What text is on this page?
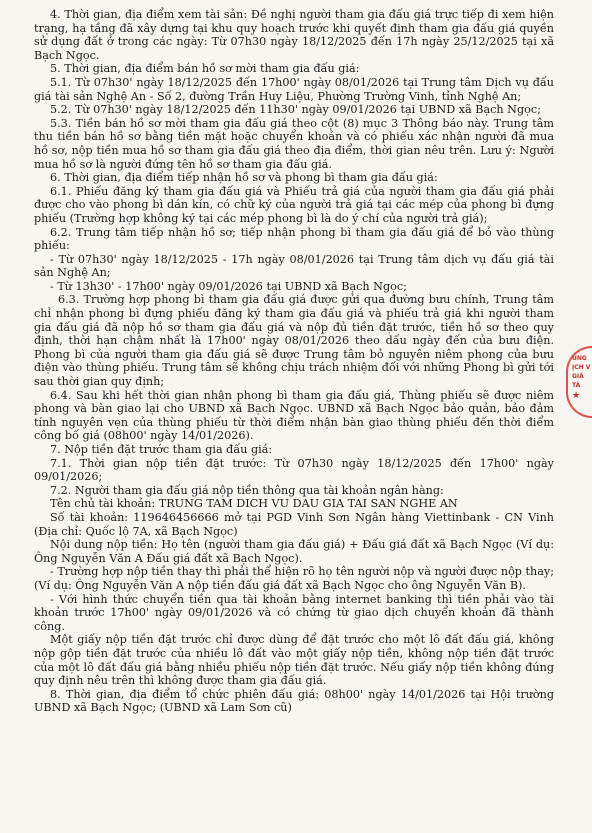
4. Thời gian, địa điểm xem tài sản: Đề nghị người tham gia đấu giá trực tiếp đi xem hiện trạng, hạ tầng đã xây dựng tại khu quy hoạch trước khi quyết định tham gia đấu giá quyền sử dụng đất ở trong các ngày: Từ 07h30 ngày 18/12/2025 đến 17h ngày 25/12/2025 tại xã Bạch Ngọc.

5. Thời gian, địa điểm bán hồ sơ mời tham gia đấu giá:

5.1. Từ 07h30' ngày 18/12/2025 đến 17h00' ngày 08/01/2026 tại Trung tâm Dịch vụ đấu giá tài sản Nghệ An - Số 2, đường Trần Huy Liệu, Phường Trường Vinh, tỉnh Nghệ An;

5.2. Từ 07h30' ngày 18/12/2025 đến 11h30' ngày 09/01/2026 tại UBND xã Bạch Ngọc;

5.3. Tiền bán hồ sơ mời tham gia đấu giá theo cột (8) mục 3 Thông báo này. Trung tâm thu tiền bán hồ sơ bằng tiền mặt hoặc chuyển khoản và có phiếu xác nhận người đã mua hồ sơ, nộp tiền mua hồ sơ tham gia đấu giá theo địa điểm, thời gian nêu trên. Lưu ý: Người mua hồ sơ là người đứng tên hồ sơ tham gia đấu giá.

6. Thời gian, địa điểm tiếp nhận hồ sơ và phong bì tham gia đấu giá:

6.1. Phiếu đăng ký tham gia đấu giá và Phiếu trả giá của người tham gia đấu giá phải được cho vào phong bì dán kín, có chữ ký của người trả giá tại các mép của phong bì đựng phiếu (Trường hợp không ký tại các mép phong bì là do ý chí của người trả giá);

6.2. Trung tâm tiếp nhận hồ sơ; tiếp nhận phong bì tham gia đấu giá để bỏ vào thùng phiếu:

- Từ 07h30' ngày 18/12/2025 - 17h ngày 08/01/2026 tại Trung tâm dịch vụ đấu giá tài sản Nghệ An;

- Từ 13h30' - 17h00' ngày 09/01/2026 tại UBND xã Bạch Ngọc;

6.3. Trường hợp phong bì tham gia đấu giá được gửi qua đường bưu chính, Trung tâm chỉ nhận phong bì đựng phiếu đăng ký tham gia đấu giá và phiếu trả giá khi người tham gia đấu giá đã nộp hồ sơ tham gia đấu giá và nộp đủ tiền đặt trước, tiền hồ sơ theo quy định, thời hạn chậm nhất là 17h00' ngày 08/01/2026 theo dấu ngày đến của bưu điện. Phong bì của người tham gia đấu giá sẽ được Trung tâm bỏ nguyên niêm phong của bưu điện vào thùng phiếu. Trung tâm sẽ không chịu trách nhiệm đối với những Phong bì gửi tới sau thời gian quy định;

6.4. Sau khi hết thời gian nhận phong bì tham gia đấu giá, Thùng phiếu sẽ được niêm phong và bàn giao lại cho UBND xã Bạch Ngọc. UBND xã Bạch Ngọc bảo quản, bảo đảm tính nguyên vẹn của thùng phiếu từ thời điểm nhận bàn giao thùng phiếu đến thời điểm công bố giá (08h00' ngày 14/01/2026).

7. Nộp tiền đặt trước tham gia đấu giá:

7.1. Thời gian nộp tiền đặt trước: Từ 07h30 ngày 18/12/2025 đến 17h00' ngày 09/01/2026;

7.2. Người tham gia đấu giá nộp tiền thông qua tài khoản ngân hàng:

Tên chủ tài khoản: TRUNG TAM DICH VU DAU GIA TAI SAN NGHE AN

Số tài khoản: 119646456666 mở tại PGD Vinh Sơn Ngân hàng Viettinbank - CN Vinh (Địa chỉ: Quốc lộ 7A, xã Bạch Ngọc)

Nội dung nộp tiền: Họ tên (người tham gia đấu giá) + Đấu giá đất xã Bạch Ngọc (Ví dụ: Ông Nguyễn Văn A Đấu giá đất xã Bạch Ngọc).

- Trường hợp nộp tiền thay thì phải thể hiện rõ họ tên người nộp và người được nộp thay; (Ví dụ: Ông Nguyễn Văn A nộp tiền đấu giá đất xã Bạch Ngọc cho ông Nguyễn Văn B).

- Với hình thức chuyển tiền qua tài khoản bằng internet banking thì tiền phải vào tài khoản trước 17h00' ngày 09/01/2026 và có chứng từ giao dịch chuyển khoản đã thành công.

Một giấy nộp tiền đặt trước chỉ được dùng để đặt trước cho một lô đất đấu giá, không nộp gộp tiền đặt trước của nhiều lô đất vào một giấy nộp tiền, không nộp tiền đặt trước của một lô đất đấu giá bằng nhiều phiếu nộp tiền đặt trước. Nếu giấy nộp tiền không đúng quy định nêu trên thì không được tham gia đấu giá.

8. Thời gian, địa điểm tổ chức phiên đấu giá: 08h00' ngày 14/01/2026 tại Hội trường UBND xã Bạch Ngọc; (UBND xã Lam Sơn cũ)

UNG
ỊCH V
GIÁ TÀ
★
